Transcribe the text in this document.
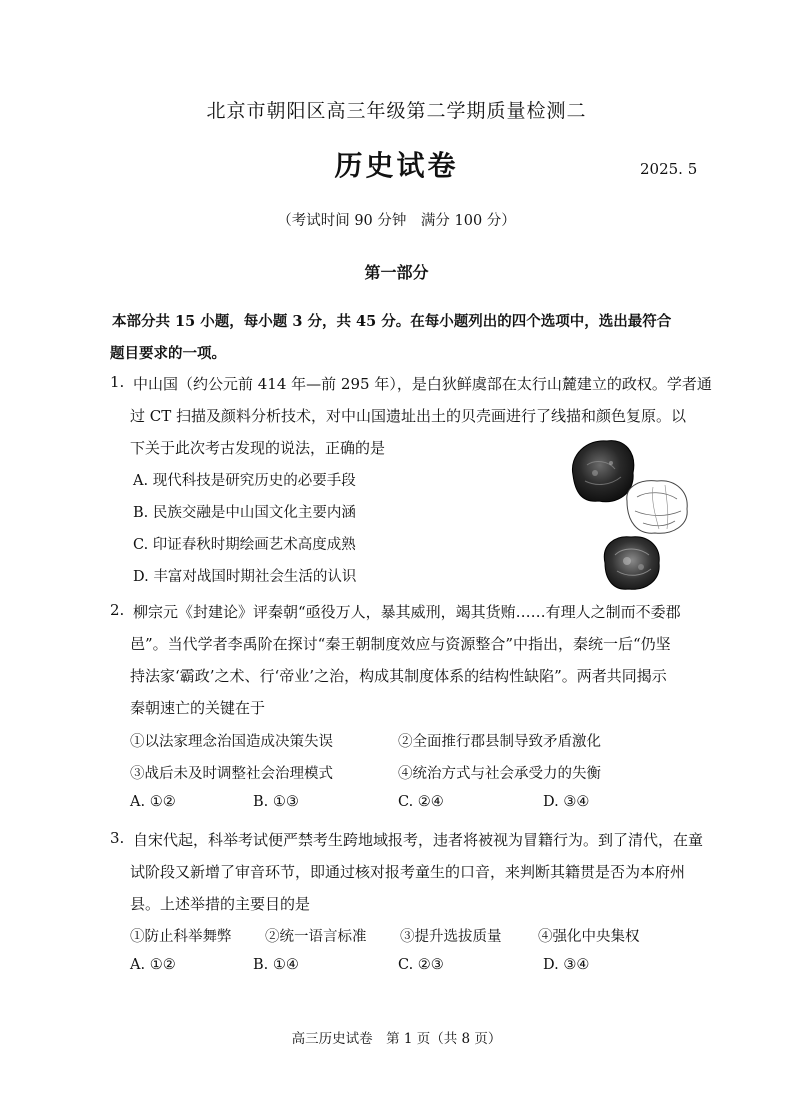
北京市朝阳区高三年级第二学期质量检测二
历史试卷	2025. 5
（考试时间 90 分钟　满分 100 分）
第一部分
本部分共 15 小题，每小题 3 分，共 45 分。在每小题列出的四个选项中，选出最符合
题目要求的一项。
1. 中山国（约公元前 414 年—前 295 年），是白狄鲜虞部在太行山麓建立的政权。学者通
过 CT 扫描及颜料分析技术，对中山国遗址出土的贝壳画进行了线描和颜色复原。以
下关于此次考古发现的说法，正确的是
A. 现代科技是研究历史的必要手段
B. 民族交融是中山国文化主要内涵
C. 印证春秋时期绘画艺术高度成熟
D. 丰富对战国时期社会生活的认识
2. 柳宗元《封建论》评秦朝“亟役万人，暴其威刑，竭其货贿……有理人之制而不委郡
邑”。当代学者李禹阶在探讨“秦王朝制度效应与资源整合”中指出，秦统一后“仍坚
持法家‘霸政’之术、行‘帝业’之治，构成其制度体系的结构性缺陷”。两者共同揭示
秦朝速亡的关键在于
①以法家理念治国造成决策失误	②全面推行郡县制导致矛盾激化
③战后未及时调整社会治理模式	④统治方式与社会承受力的失衡
A. ①②	B. ①③	C. ②④	D. ③④
3. 自宋代起，科举考试便严禁考生跨地域报考，违者将被视为冒籍行为。到了清代，在童
试阶段又新增了审音环节，即通过核对报考童生的口音，来判断其籍贯是否为本府州
县。上述举措的主要目的是
①防止科举舞弊 ②统一语言标准 ③提升选拔质量	④强化中央集权
A. ①②	B. ①④	C. ②③	D. ③④
高三历史试卷　第 1 页（共 8 页）
